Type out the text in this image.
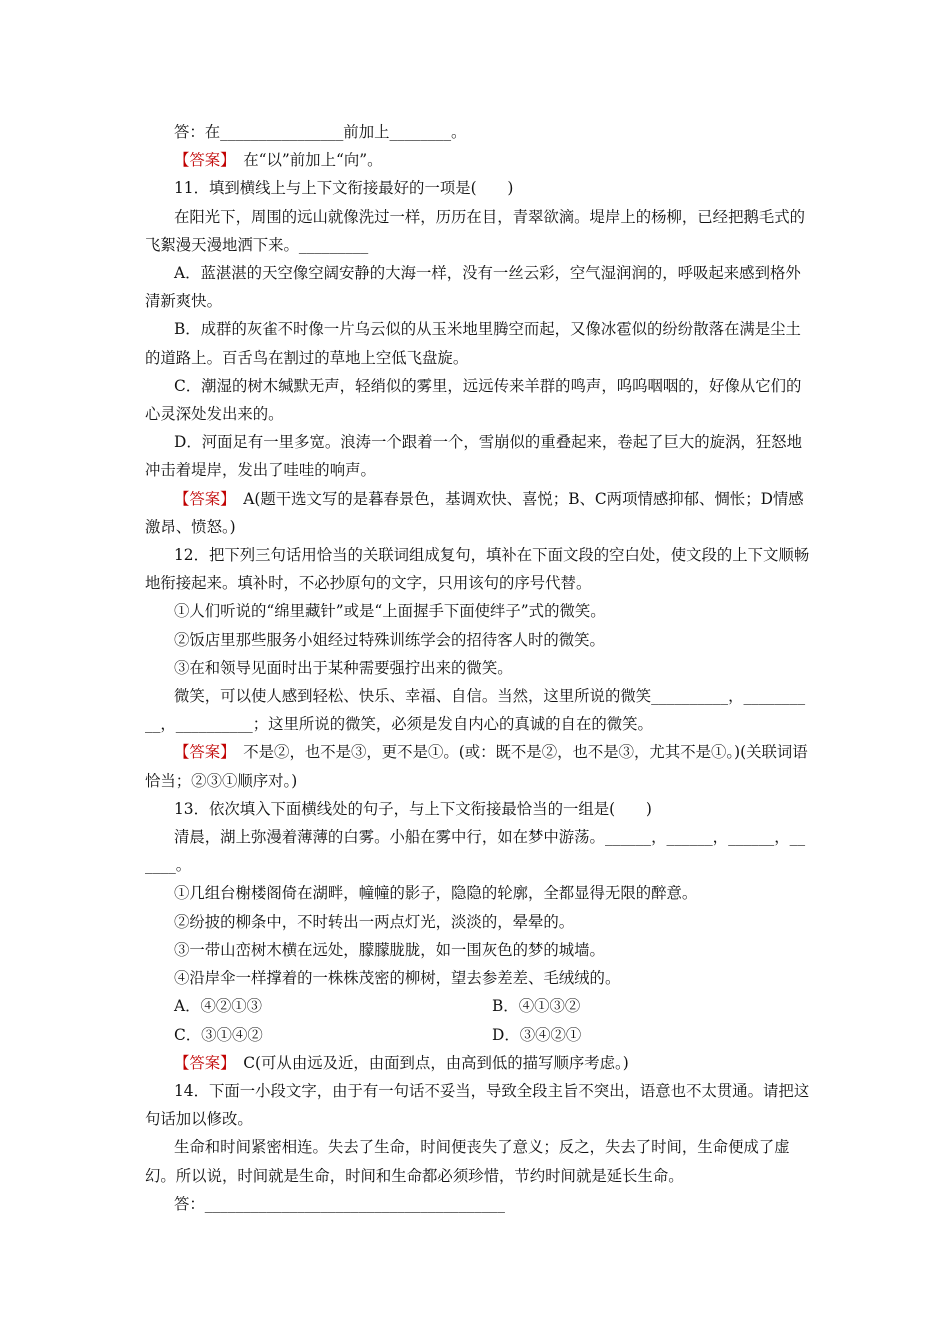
答：在________________前加上________。

【答案】　在“以”前加上“向”。

11．填到横线上与上下文衔接最好的一项是(　　)

在阳光下，周围的远山就像洗过一样，历历在目，青翠欲滴。堤岸上的杨柳，已经把鹅毛式的飞絮漫天漫地洒下来。_________

A．蓝湛湛的天空像空阔安静的大海一样，没有一丝云彩，空气湿润润的，呼吸起来感到格外清新爽快。

B．成群的灰雀不时像一片乌云似的从玉米地里腾空而起，又像冰雹似的纷纷散落在满是尘土的道路上。百舌鸟在割过的草地上空低飞盘旋。

C．潮湿的树木缄默无声，轻绡似的雾里，远远传来羊群的鸣声，呜呜咽咽的，好像从它们的心灵深处发出来的。

D．河面足有一里多宽。浪涛一个跟着一个，雪崩似的重叠起来，卷起了巨大的旋涡，狂怒地冲击着堤岸，发出了哇哇的响声。

【答案】　A(题干选文写的是暮春景色，基调欢快、喜悦；B、C两项情感抑郁、惆怅；D情感激昂、愤怒。)

12．把下列三句话用恰当的关联词组成复句，填补在下面文段的空白处，使文段的上下文顺畅地衔接起来。填补时，不必抄原句的文字，只用该句的序号代替。

①人们听说的“绵里藏针”或是“上面握手下面使绊子”式的微笑。

②饭店里那些服务小姐经过特殊训练学会的招待客人时的微笑。

③在和领导见面时出于某种需要强拧出来的微笑。

微笑，可以使人感到轻松、快乐、幸福、自信。当然，这里所说的微笑__________，__________，__________；这里所说的微笑，必须是发自内心的真诚的自在的微笑。

【答案】　不是②，也不是③，更不是①。(或：既不是②，也不是③，尤其不是①。)(关联词语恰当；②③①顺序对。)

13．依次填入下面横线处的句子，与上下文衔接最恰当的一组是(　　)

清晨，湖上弥漫着薄薄的白雾。小船在雾中行，如在梦中游荡。______，______，______，______。

①几组台榭楼阁倚在湖畔，幢幢的影子，隐隐的轮廓，全都显得无限的醉意。

②纷披的柳条中，不时转出一两点灯光，淡淡的，晕晕的。

③一带山峦树木横在远处，朦朦胧胧，如一围灰色的梦的城墙。

④沿岸伞一样撑着的一株株茂密的柳树，望去参差差、毛绒绒的。

A．④②①③	B．④①③②
C．③①④②	D．③④②①

【答案】　C(可从由远及近，由面到点，由高到低的描写顺序考虑。)

14．下面一小段文字，由于有一句话不妥当，导致全段主旨不突出，语意也不太贯通。请把这句话加以修改。

生命和时间紧密相连。失去了生命，时间便丧失了意义；反之，失去了时间，生命便成了虚幻。所以说，时间就是生命，时间和生命都必须珍惜，节约时间就是延长生命。

答：_______________________________________
